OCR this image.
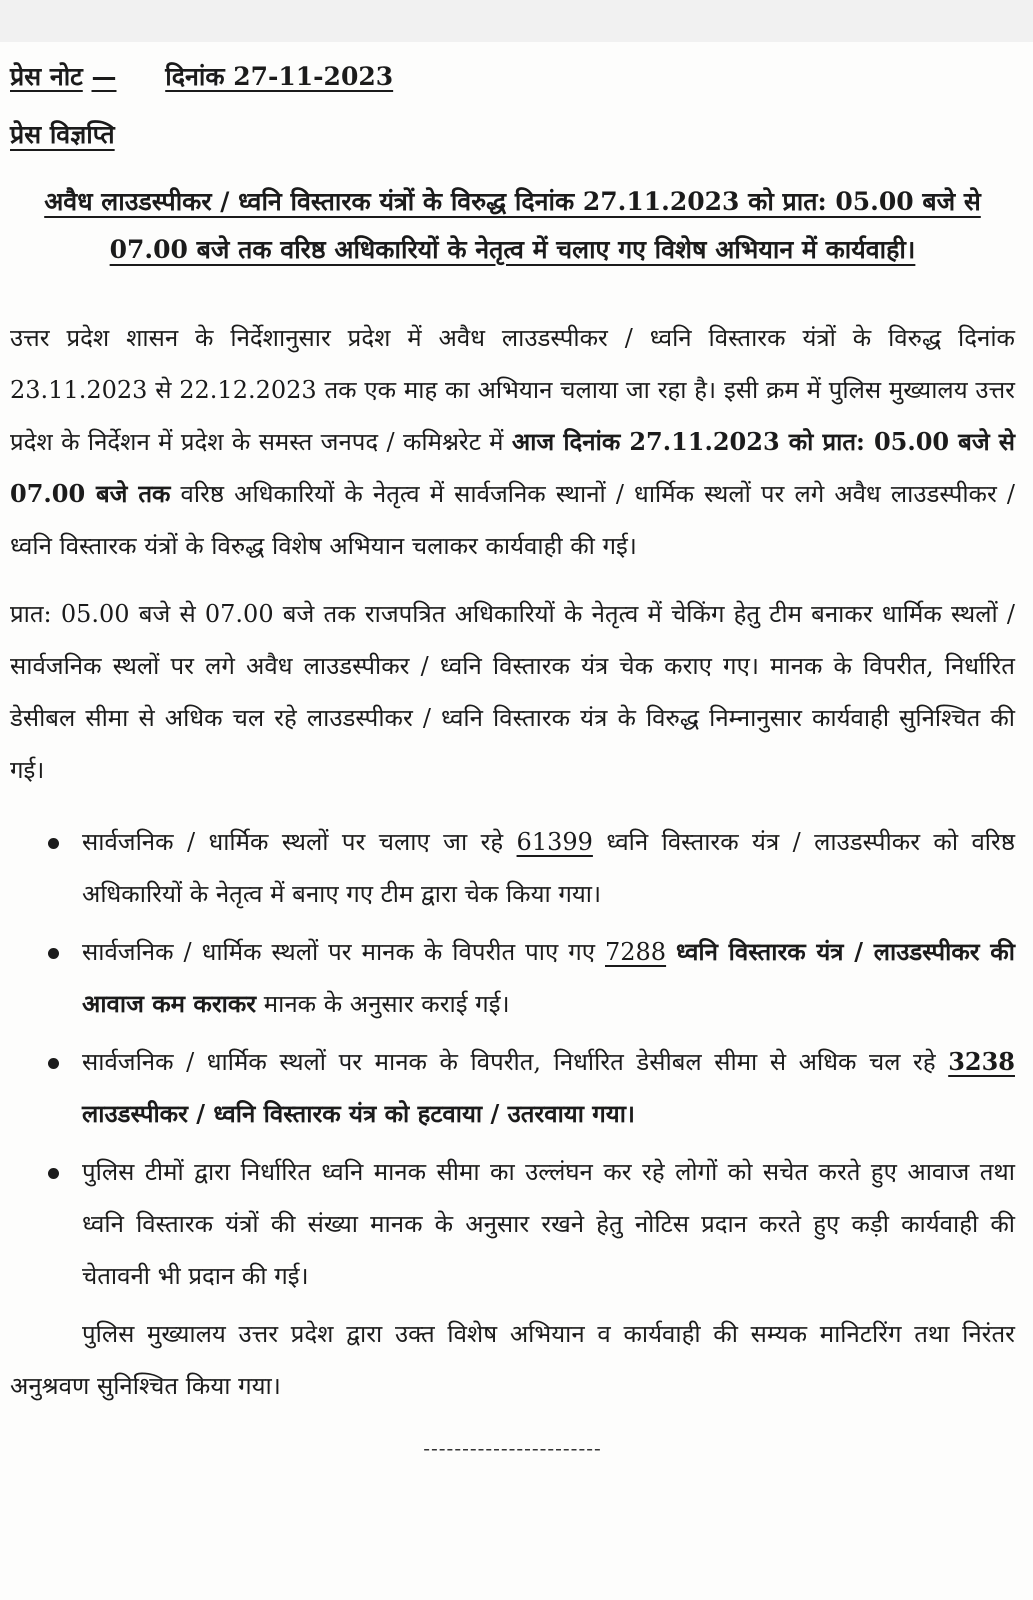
प्रेस नोट — दिनांक 27-11-2023
प्रेस विज्ञप्ति
अवैध लाउडस्पीकर / ध्वनि विस्तारक यंत्रों के विरुद्ध दिनांक 27.11.2023 को प्रात: 05.00 बजे से 07.00 बजे तक वरिष्ठ अधिकारियों के नेतृत्व में चलाए गए विशेष अभियान में कार्यवाही।

उत्तर प्रदेश शासन के निर्देशानुसार प्रदेश में अवैध लाउडस्पीकर / ध्वनि विस्तारक यंत्रों के विरुद्ध दिनांक 23.11.2023 से 22.12.2023 तक एक माह का अभियान चलाया जा रहा है। इसी क्रम में पुलिस मुख्यालय उत्तर प्रदेश के निर्देशन में प्रदेश के समस्त जनपद / कमिश्नरेट में आज दिनांक 27.11.2023 को प्रात: 05.00 बजे से 07.00 बजे तक वरिष्ठ अधिकारियों के नेतृत्व में सार्वजनिक स्थानों / धार्मिक स्थलों पर लगे अवैध लाउडस्पीकर / ध्वनि विस्तारक यंत्रों के विरुद्ध विशेष अभियान चलाकर कार्यवाही की गई।

प्रात: 05.00 बजे से 07.00 बजे तक राजपत्रित अधिकारियों के नेतृत्व में चेकिंग हेतु टीम बनाकर धार्मिक स्थलों / सार्वजनिक स्थलों पर लगे अवैध लाउडस्पीकर / ध्वनि विस्तारक यंत्र चेक कराए गए। मानक के विपरीत, निर्धारित डेसीबल सीमा से अधिक चल रहे लाउडस्पीकर / ध्वनि विस्तारक यंत्र के विरुद्ध निम्नानुसार कार्यवाही सुनिश्चित की गई।

सार्वजनिक / धार्मिक स्थलों पर चलाए जा रहे 61399 ध्वनि विस्तारक यंत्र / लाउडस्पीकर को वरिष्ठ अधिकारियों के नेतृत्व में बनाए गए टीम द्वारा चेक किया गया।
सार्वजनिक / धार्मिक स्थलों पर मानक के विपरीत पाए गए 7288 ध्वनि विस्तारक यंत्र / लाउडस्पीकर की आवाज कम कराकर मानक के अनुसार कराई गई।
सार्वजनिक / धार्मिक स्थलों पर मानक के विपरीत, निर्धारित डेसीबल सीमा से अधिक चल रहे 3238 लाउडस्पीकर / ध्वनि विस्तारक यंत्र को हटवाया / उतरवाया गया।
पुलिस टीमों द्वारा निर्धारित ध्वनि मानक सीमा का उल्लंघन कर रहे लोगों को सचेत करते हुए आवाज तथा ध्वनि विस्तारक यंत्रों की संख्या मानक के अनुसार रखने हेतु नोटिस प्रदान करते हुए कड़ी कार्यवाही की चेतावनी भी प्रदान की गई।

पुलिस मुख्यालय उत्तर प्रदेश द्वारा उक्त विशेष अभियान व कार्यवाही की सम्यक मानिटरिंग तथा निरंतर अनुश्रवण सुनिश्चित किया गया।

-----------------------
